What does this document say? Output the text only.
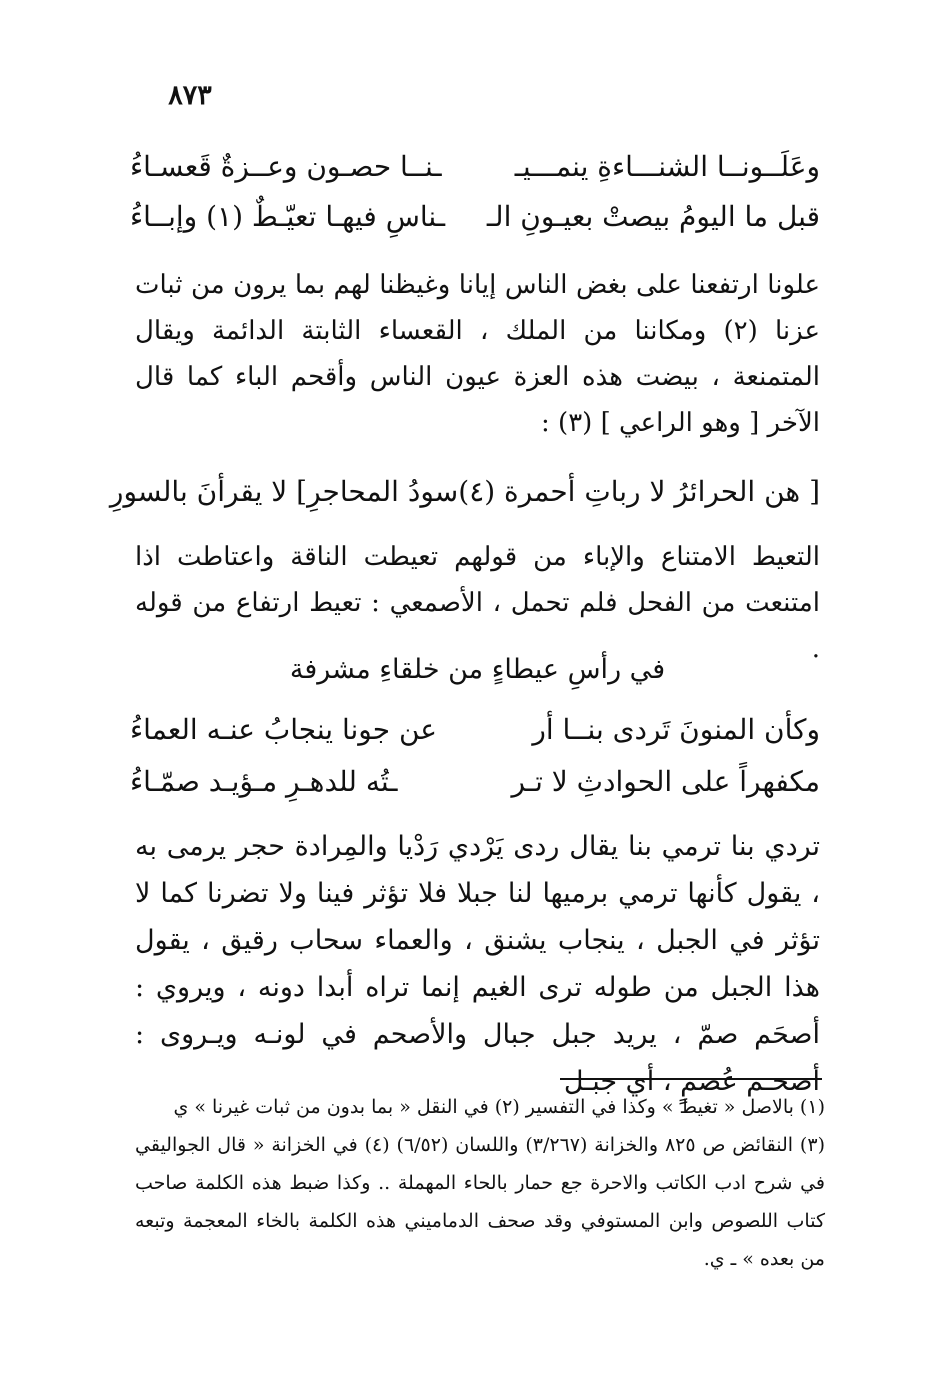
٨٧٣
وعَلَــونــا الشنـــاءةِ ينمـــيـ
ـنــا حصـون وعــزةٌ قَعسـاءُ
قبل ما اليومُ بيصتْ بعيـونِ الـ
ـناسِ فيهـا تعيّـطٌ (١) وإبــاءُ
علونا ارتفعنا على بغض الناس إيانا وغيظنا لهم بما يرون من ثبات عزنا (٢) ومكاننا من الملك ، القعساء الثابتة الدائمة ويقال المتمنعة ، بيضت هذه العزة عيون الناس وأقحم الباء كما قال الآخر [ وهو الراعي ] (٣) :
[ هن الحرائرُ لا رباتِ أحمرة (٤)
سودُ المحاجرِ] لا يقرأنَ بالسورِ
التعيط الامتناع والإباء من قولهم تعيطت الناقة واعتاطت اذا امتنعت من الفحل فلم تحمل ، الأصمعي : تعيط ارتفاع من قوله .
في رأسِ عيطاءٍ من خلقاءِ مشرفة
وكأن المنونَ تَردى بنــا أر
عن جونا ينجابُ عنـه العماءُ
مكفهراً على الحوادثِ لا تـر
ـتُه للدهـرِ مـؤيـد صمّـاءُ
تردي بنا ترمي بنا يقال ردى يَرْدي رَدْيا والمِرادة حجر يرمى به ، يقول كأنها ترمي برميها لنا جبلا فلا تؤثر فينا ولا تضرنا كما لا تؤثر في الجبل ، ينجاب يشنق ، والعماء سحاب رقيق ، يقول هذا الجبل من طوله ترى الغيم إنما تراه أبدا دونه ، ويروي : أصحَم صمّ ، يريد جبل جبال والأصحم في لونـه ويـروى : أصحـم عُصمٍ ، أي جبـل

(١) بالاصل « تغيط » وكذا في التفسير (٢) في النقل « بما بدون من ثبات غيرنا » ي

(٣) النقائض ص ٨٢٥ والخزانة (٣/٢٦٧) واللسان (٦/٥٢) (٤) في الخزانة « قال الجواليقي في شرح ادب الكاتب والاحرة جع حمار بالحاء المهملة .. وكذا ضبط هذه الكلمة صاحب كتاب اللصوص وابن المستوفي وقد صحف الدماميني هذه الكلمة بالخاء المعجمة وتبعه من بعده » ـ ي.
